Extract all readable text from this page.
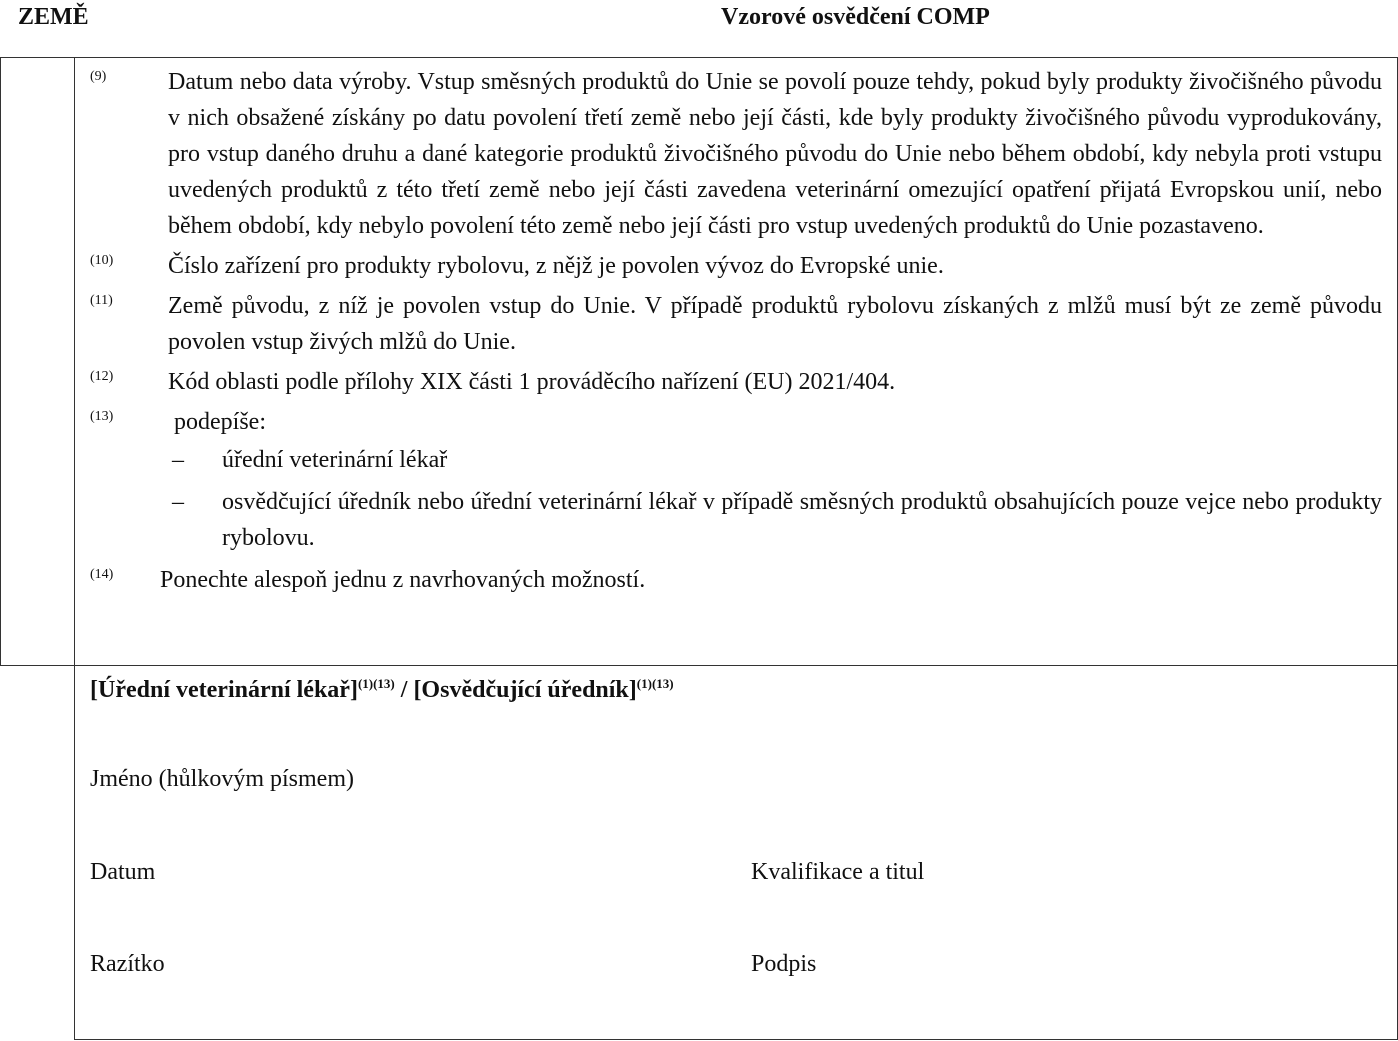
ZEMĚ	Vzorové osvědčení COMP
(9)	Datum nebo data výroby. Vstup směsných produktů do Unie se povolí pouze tehdy, pokud byly produkty živočišného původu v nich obsažené získány po datu povolení třetí země nebo její části, kde byly produkty živočišného původu vyprodukovány, pro vstup daného druhu a dané kategorie produktů živočišného původu do Unie nebo během období, kdy nebyla proti vstupu uvedených produktů z této třetí země nebo její části zavedena veterinární omezující opatření přijatá Evropskou unií, nebo během období, kdy nebylo povolení této země nebo její části pro vstup uvedených produktů do Unie pozastaveno.

(10)	Číslo zařízení pro produkty rybolovu, z nějž je povolen vývoz do Evropské unie.

(11)	Země původu, z níž je povolen vstup do Unie. V případě produktů rybolovu získaných z mlžů musí být ze země původu povolen vstup živých mlžů do Unie.

(12)	Kód oblasti podle přílohy XIX části 1 prováděcího nařízení (EU) 2021/404.

(13)	podepíše:

–	úřední veterinární lékař

–	osvědčující úředník nebo úřední veterinární lékař v případě směsných produktů obsahujících pouze vejce nebo produkty rybolovu.

(14)	Ponechte alespoň jednu z navrhovaných možností.

[Úřední veterinární lékař]$^{(1)(13)}$ / [Osvědčující úředník]$^{(1)(13)}$
Jméno (hůlkovým písmem)
Datum	Kvalifikace a titul
Razítko	Podpis
